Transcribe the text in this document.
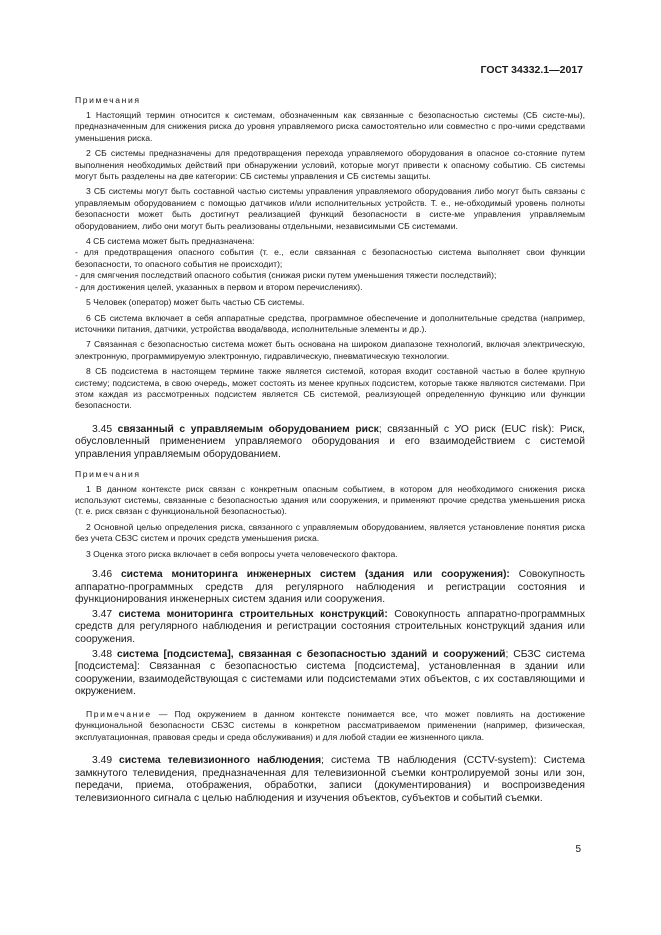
ГОСТ 34332.1—2017

Примечания

1 Настоящий термин относится к системам, обозначенным как связанные с безопасностью системы (СБ систе-мы), предназначенным для снижения риска до уровня управляемого риска самостоятельно или совместно с про-чими средствами уменьшения риска.

2 СБ системы предназначены для предотвращения перехода управляемого оборудования в опасное со-стояние путем выполнения необходимых действий при обнаружении условий, которые могут привести к опасному событию. СБ системы могут быть разделены на две категории: СБ системы управления и СБ системы защиты.

3 СБ системы могут быть составной частью системы управления управляемого оборудования либо могут быть связаны с управляемым оборудованием с помощью датчиков и/или исполнительных устройств. Т. е., не-обходимый уровень полноты безопасности может быть достигнут реализацией функций безопасности в систе-ме управления управляемым оборудованием, либо они могут быть реализованы отдельными, независимыми СБ системами.

4 СБ система может быть предназначена:

- для предотвращения опасного события (т. е., если связанная с безопасностью система выполняет свои функции безопасности, то опасного события не происходит);

- для смягчения последствий опасного события (снижая риски путем уменьшения тяжести последствий);

- для достижения целей, указанных в первом и втором перечислениях).

5 Человек (оператор) может быть частью СБ системы.

6 СБ система включает в себя аппаратные средства, программное обеспечение и дополнительные средства (например, источники питания, датчики, устройства ввода/ввода, исполнительные элементы и др.).

7 Связанная с безопасностью система может быть основана на широком диапазоне технологий, включая электрическую, электронную, программируемую электронную, гидравлическую, пневматическую технологии.

8 СБ подсистема в настоящем термине также является системой, которая входит составной частью в более крупную систему; подсистема, в свою очередь, может состоять из менее крупных подсистем, которые также являются системами. При этом каждая из рассмотренных подсистем является СБ системой, реализующей определенную функцию или функции безопасности.

3.45 связанный с управляемым оборудованием риск; связанный с УО риск (EUC risk): Риск, обусловленный применением управляемого оборудования и его взаимодействием с системой управления управляемым оборудованием.

Примечания

1 В данном контексте риск связан с конкретным опасным событием, в котором для необходимого снижения риска используют системы, связанные с безопасностью здания или сооружения, и применяют прочие средства уменьшения риска (т. е. риск связан с функциональной безопасностью).

2 Основной целью определения риска, связанного с управляемым оборудованием, является установление понятия риска без учета СБЗС систем и прочих средств уменьшения риска.

3 Оценка этого риска включает в себя вопросы учета человеческого фактора.

3.46 система мониторинга инженерных систем (здания или сооружения): Совокупность аппаратно-программных средств для регулярного наблюдения и регистрации состояния и функционирования инженерных систем здания или сооружения.

3.47 система мониторинга строительных конструкций: Совокупность аппаратно-программных средств для регулярного наблюдения и регистрации состояния строительных конструкций здания или сооружения.

3.48 система [подсистема], связанная с безопасностью зданий и сооружений; СБЗС система [подсистема]: Связанная с безопасностью система [подсистема], установленная в здании или сооружении, взаимодействующая с системами или подсистемами этих объектов, с их составляющими и окружением.

Примечание — Под окружением в данном контексте понимается все, что может повлиять на достижение функциональной безопасности СБЗС системы в конкретном рассматриваемом применении (например, физическая, эксплуатационная, правовая среды и среда обслуживания) и для любой стадии ее жизненного цикла.

3.49 система телевизионного наблюдения; система ТВ наблюдения (CCTV-system): Система замкнутого телевидения, предназначенная для телевизионной съемки контролируемой зоны или зон, передачи, приема, отображения, обработки, записи (документирования) и воспроизведения телевизионного сигнала с целью наблюдения и изучения объектов, субъектов и событий съемки.

5
